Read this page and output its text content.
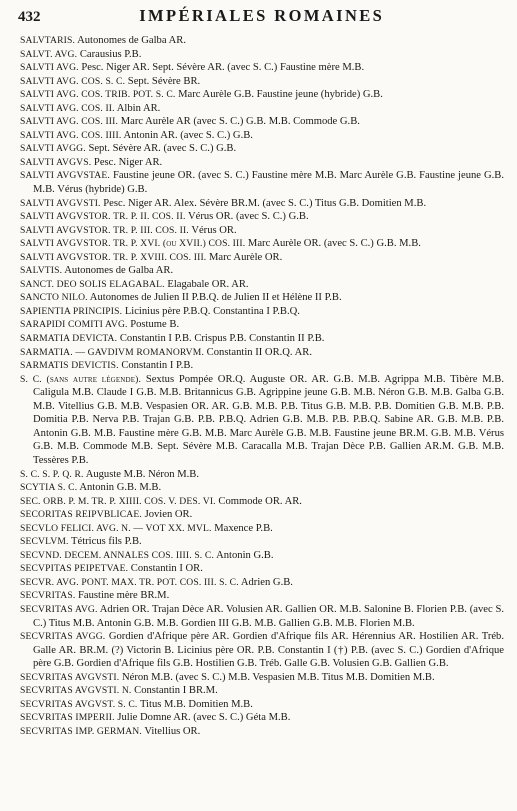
432	IMPÉRIALES ROMAINES
SALVTARIS. Autonomes de Galba AR.
SALVT. AVG. Carausius P.B.
SALVTI AVG. Pesc. Niger AR. Sept. Sévère AR. (avec S. C.) Faustine mère M.B.
SALVTI AVG. COS. S. C. Sept. Sévère BR.
SALVTI AVG. COS. TRIB. POT. S. C. Marc Aurèle G.B. Faustine jeune (hybride) G.B.
SALVTI AVG. COS. II. Albin AR.
SALVTI AVG. COS. III. Marc Aurèle AR (avec S. C.) G.B. M.B. Commode G.B.
SALVTI AVG. COS. IIII. Antonin AR. (avec S. C.) G.B.
SALVTI AVGG. Sept. Sévère AR. (avec S. C.) G.B.
SALVTI AVGVS. Pesc. Niger AR.
SALVTI AVGVSTAE. Faustine jeune OR. (avec S. C.) Faustine mère M.B. Marc Aurèle G.B. Faustine jeune G.B. M.B. Vérus (hybride) G.B.
SALVTI AVGVSTI. Pesc. Niger AR. Alex. Sévère BR.M. (avec S. C.) Titus G.B. Domitien M.B.
SALVTI AVGVSTOR. TR. P. II. COS. II. Vérus OR. (avec S. C.) G.B.
SALVTI AVGVSTOR. TR. P. III. COS. II. Vérus OR.
SALVTI AVGVSTOR. TR. P. XVI. (ou XVII.) COS. III. Marc Aurèle OR. (avec S. C.) G.B. M.B.
SALVTI AVGVSTOR. TR. P. XVIII. COS. III. Marc Aurèle OR.
SALVTIS. Autonomes de Galba AR.
SANCT. DEO SOLIS ELAGABAL. Elagabale OR. AR.
SANCTO NILO. Autonomes de Julien II P.B.Q. de Julien II et Hélène II P.B.
SAPIENTIA PRINCIPIS. Licinius père P.B.Q. Constantina I P.B.Q.
SARAPIDI COMITI AVG. Postume B.
SARMATIA DEVICTA. Constantin I P.B. Crispus P.B. Constantin II P.B.
SARMATIA. — GAVDIVM ROMANORVM. Constantin II OR.Q. AR.
SARMATIS DEVICTIS. Constantin I P.B.
S. C. (sans autre légende). Sextus Pompée OR.Q. Auguste OR. AR. G.B. M.B. Agrippa M.B. Tibère M.B. Caligula M.B. Claude I G.B. M.B. Britannicus G.B. Agrippine jeune G.B. M.B. Néron G.B. M.B. Galba G.B. M.B. Vitellius G.B. M.B. Vespasien OR. AR. G.B. M.B. P.B. Titus G.B. M.B. P.B. Domitien G.B. M.B. P.B. Domitia P.B. Nerva P.B. Trajan G.B. P.B. P.B.Q. Adrien G.B. M.B. P.B. P.B.Q. Sabine AR. G.B. M.B. P.B. Antonin G.B. M.B. Faustine mère G.B. M.B. Marc Aurèle G.B. M.B. Faustine jeune BR.M. G.B. M.B. Vérus G.B. M.B. Commode M.B. Sept. Sévère M.B. Caracalla M.B. Trajan Dèce P.B. Gallien AR.M. G.B. M.B. Tessères P.B.
S. C. S. P. Q. R. Auguste M.B. Néron M.B.
SCYTIA S. C. Antonin G.B. M.B.
SEC. ORB. P. M. TR. P. XIIII. COS. V. DES. VI. Commode OR. AR.
SECORITAS REIPVBLICAE. Jovien OR.
SECVLO FELICI. AVG. N. — VOT XX. MVL. Maxence P.B.
SECVLVM. Tétricus fils P.B.
SECVND. DECEM. ANNALES COS. IIII. S. C. Antonin G.B.
SECVPITAS PEIPETVAE. Constantin I OR.
SECVR. AVG. PONT. MAX. TR. POT. COS. III. S. C. Adrien G.B.
SECVRITAS. Faustine mère BR.M.
SECVRITAS AVG. Adrien OR. Trajan Dèce AR. Volusien AR. Gallien OR. M.B. Salonine B. Florien P.B. (avec S. C.) Titus M.B. Antonin G.B. M.B. Gordien III G.B. M.B. Gallien G.B. M.B. Florien M.B.
SECVRITAS AVGG. Gordien d'Afrique père AR. Gordien d'Afrique fils AR. Hérennius AR. Hostilien AR. Tréb. Galle AR. BR.M. (?) Victorin B. Licinius père OR. P.B. Constantin I (†) P.B. (avec S. C.) Gordien d'Afrique père G.B. Gordien d'Afrique fils G.B. Hostilien G.B. Tréb. Galle G.B. Volusien G.B. Gallien G.B.
SECVRITAS AVGVSTI. Néron M.B. (avec S. C.) M.B. Vespasien M.B. Titus M.B. Domitien M.B.
SECVRITAS AVGVSTI. N. Constantin I BR.M.
SECVRITAS AVGVST. S. C. Titus M.B. Domitien M.B.
SECVRITAS IMPERII. Julie Domne AR. (avec S. C.) Géta M.B.
SECVRITAS IMP. GERMAN. Vitellius OR.
